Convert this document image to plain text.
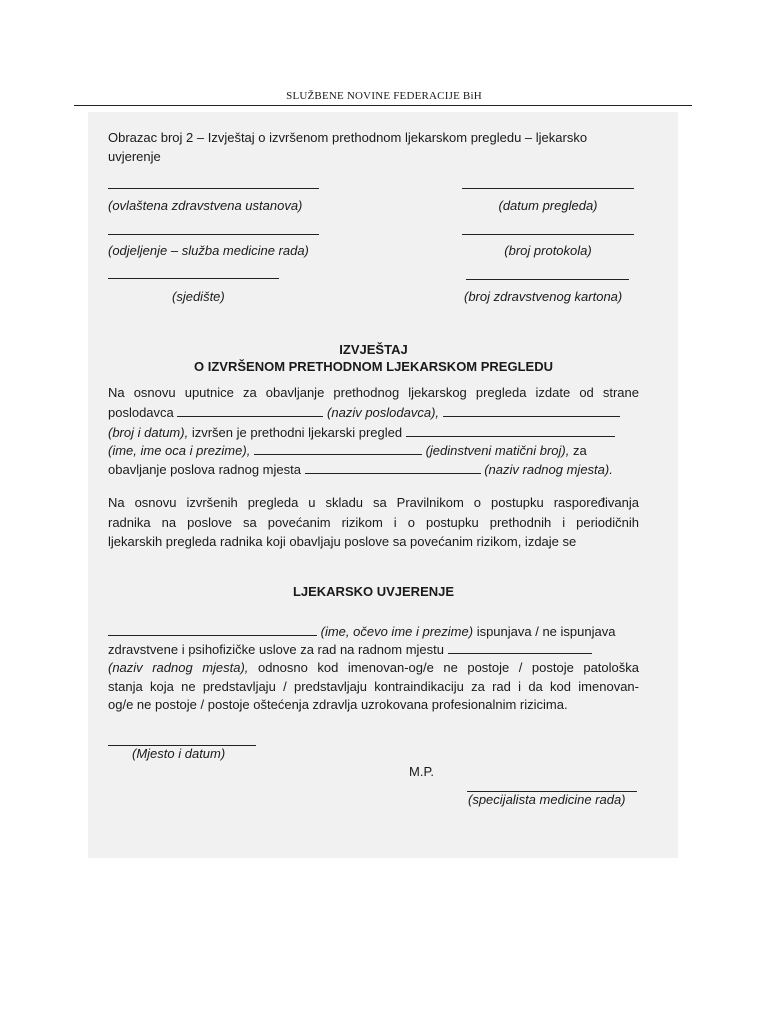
SLUŽBENE NOVINE FEDERACIJE BiH
Obrazac broj 2 – Izvještaj o izvršenom prethodnom ljekarskom pregledu – ljekarsko
uvjerenje
(ovlaštena zdravstvena ustanova)	(datum pregleda)
(odjeljenje – služba medicine rada)	(broj protokola)
(sjedište)	(broj zdravstvenog kartona)
IZVJEŠTAJ
O IZVRŠENOM PRETHODNOM LJEKARSKOM PREGLEDU
Na osnovu uputnice za obavljanje prethodnog ljekarskog pregleda izdate od strane
poslodavca	(naziv poslodavca),
(broj i datum), izvršen je prethodni ljekarski pregled
(ime, ime oca i prezime),	(jedinstveni matični broj), za
obavljanje poslova radnog mjesta	(naziv radnog mjesta).
Na osnovu izvršenih pregleda u skladu sa Pravilnikom o postupku raspoređivanja
radnika na poslove sa povećanim rizikom i o postupku prethodnih i periodičnih
ljekarskih pregleda radnika koji obavljaju poslove sa povećanim rizikom, izdaje se
LJEKARSKO UVJERENJE
(ime, očevo ime i prezime) ispunjava / ne ispunjava
zdravstvene i psihofizičke uslove za rad na radnom mjestu
(naziv radnog mjesta), odnosno kod imenovan-og/e ne postoje / postoje patološka
stanja koja ne predstavljaju / predstavljaju kontraindikaciju za rad i da kod imenovan-
og/e ne postoje / postoje oštećenja zdravlja uzrokovana profesionalnim rizicima.
(Mjesto i datum)
M.P.
(specijalista medicine rada)
